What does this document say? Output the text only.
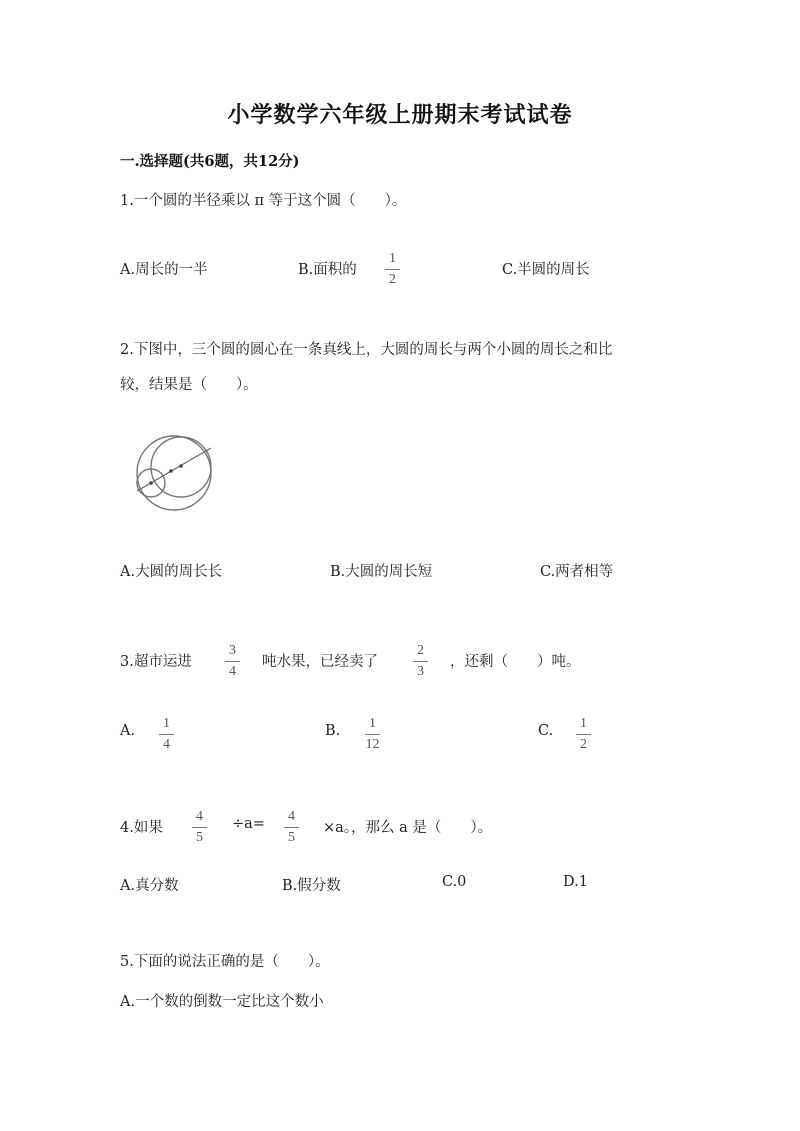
小学数学六年级上册期末考试试卷
一.选择题(共6题，共12分)
1.一个圆的半径乘以 π 等于这个圆（　　）。
A.周长的一半	B.面积的 $\frac{1}{2}$	C.半圆的周长
2.下图中，三个圆的圆心在一条真线上，大圆的周长与两个小圆的周长之和比
较，结果是（　　）。
A.大圆的周长长	B.大圆的周长短	C.两者相等
3.超市运进 $\frac{3}{4}$ 吨水果，已经卖了	$\frac{2}{3}$ ，还剩（　　）吨。
A. $\frac{1}{4}$	B. $\frac{1}{12}$	C. $\frac{1}{2}$
4.如果 $\frac{4}{5} \div a= \frac{4}{5} \times a$。，那么 a 是（　　）。
A.真分数	B.假分数	C.0	D.1
5.下面的说法正确的是（　　）。
A.一个数的倒数一定比这个数小
